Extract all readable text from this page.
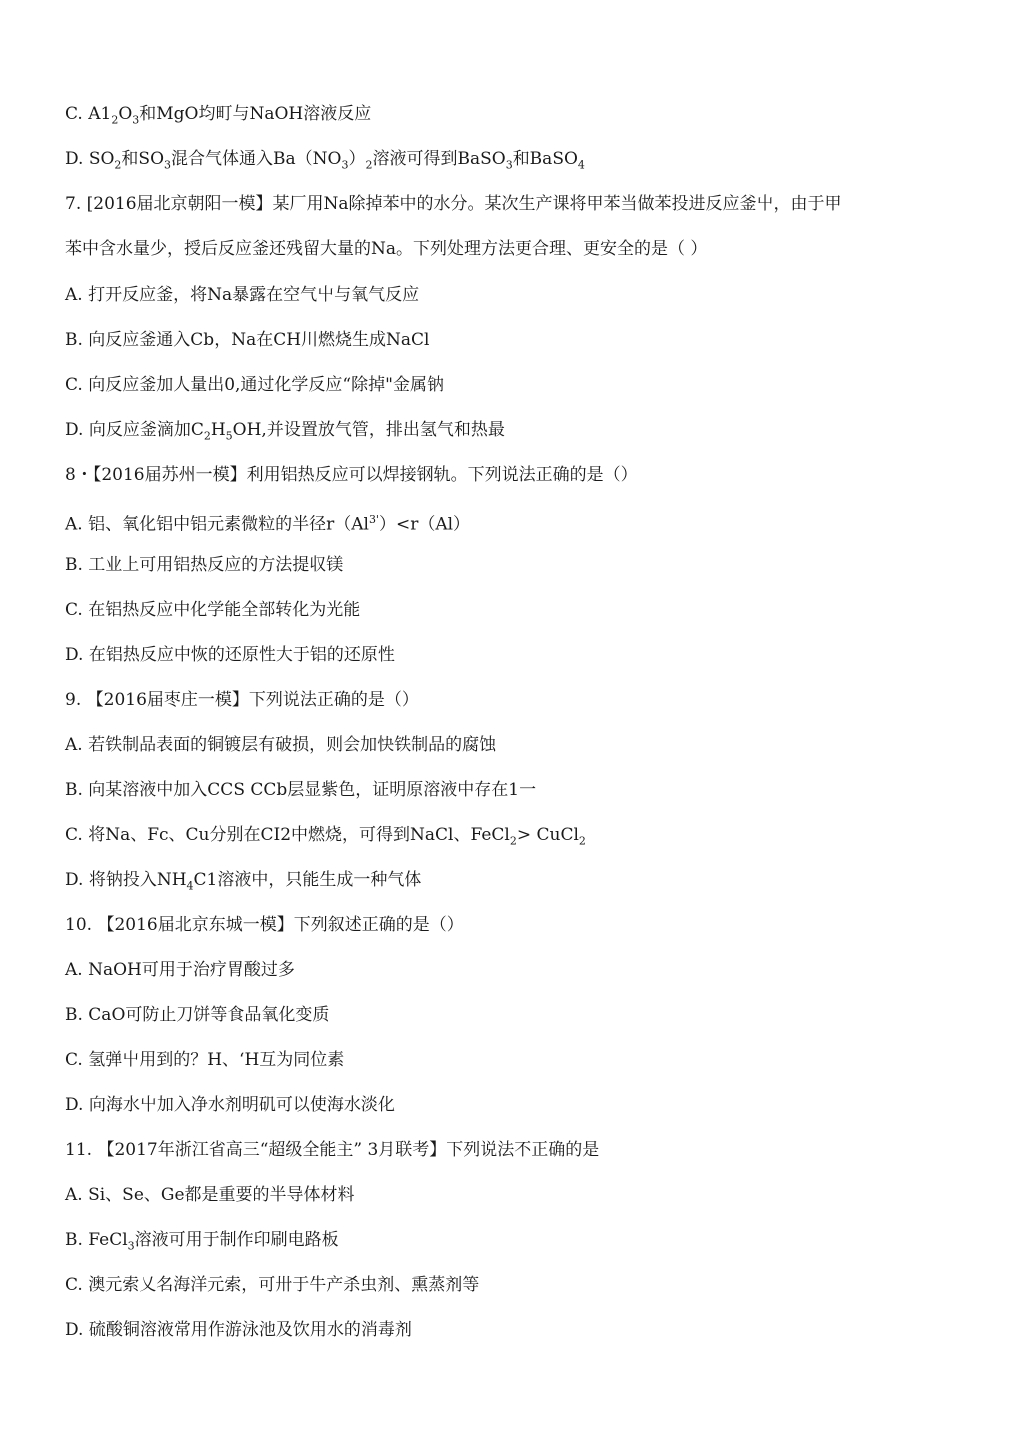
C. $A1_2O_3$和MgO均町与NaOH溶液反应
D. $SO_2$和$SO_3$混合气体通入$Ba(NO_3)_2$溶液可得到BaSO$_3$和BaSO$_4$
7. [2016届北京朝阳一模】某厂用Na除掉苯中的水分。某次生产课将甲苯当做苯投进反应釜屮，由于甲
苯中含水量少，授后反应釜还残留大量的Na。下列处理方法更合理、更安全的是（ ）
A. 打开反应釜，将Na暴露在空气屮与氧气反应
B. 向反应釜通入Cb，Na在CH川燃烧生成NaCl
C. 向反应釜加人量出0,通过化学反应“除掉"金属钠
D. 向反应釜滴加$C_2H_5OH$,并设置放气管，排出氢气和热最
8・【2016届苏州一模】利用铝热反应可以焊接钢轨。下列说法正确的是（）
A. 铝、氧化铝中铝元素微粒的半径$r(Al^{3'})<r(Al)$
B. 工业上可用铝热反应的方法提収镁
C. 在铝热反应中化学能全部转化为光能
D. 在铝热反应中恢的还原性大于铝的还原性
9. 【2016届枣庄一模】下列说法正确的是（）
A. 若铁制品表面的铜镀层有破损，则会加快铁制品的腐蚀
B. 向某溶液中加入CCS CCb层显紫色，证明原溶液中存在1一
C. 将Na、Fc、Cu分别在CI2中燃烧，可得到NaCl、FeCl$_2$> CuCl$_2$
D. 将钠投入$NH_4C1$溶液中，只能生成一种气体
10. 【2016届北京东城一模】下列叙述正确的是（）
A. NaOH可用于治疗胃酸过多
B. CaO可防止刀饼等食品氧化变质
C. 氢弹屮用到的？H、‘H互为同位素
D. 向海水屮加入净水剂明矶可以使海水淡化
11. 【2017年浙江省高三“超级全能主” 3月联考】下列说法不正确的是
A. Si、Se、Ge都是重要的半导体材料
B. FeCl$_3$溶液可用于制作印刷电路板
C. 澳元索乂名海洋元索，可卅于牛产杀虫剂、熏蒸剂等
D. 硫酸铜溶液常用作游泳池及饮用水的消毒剂
